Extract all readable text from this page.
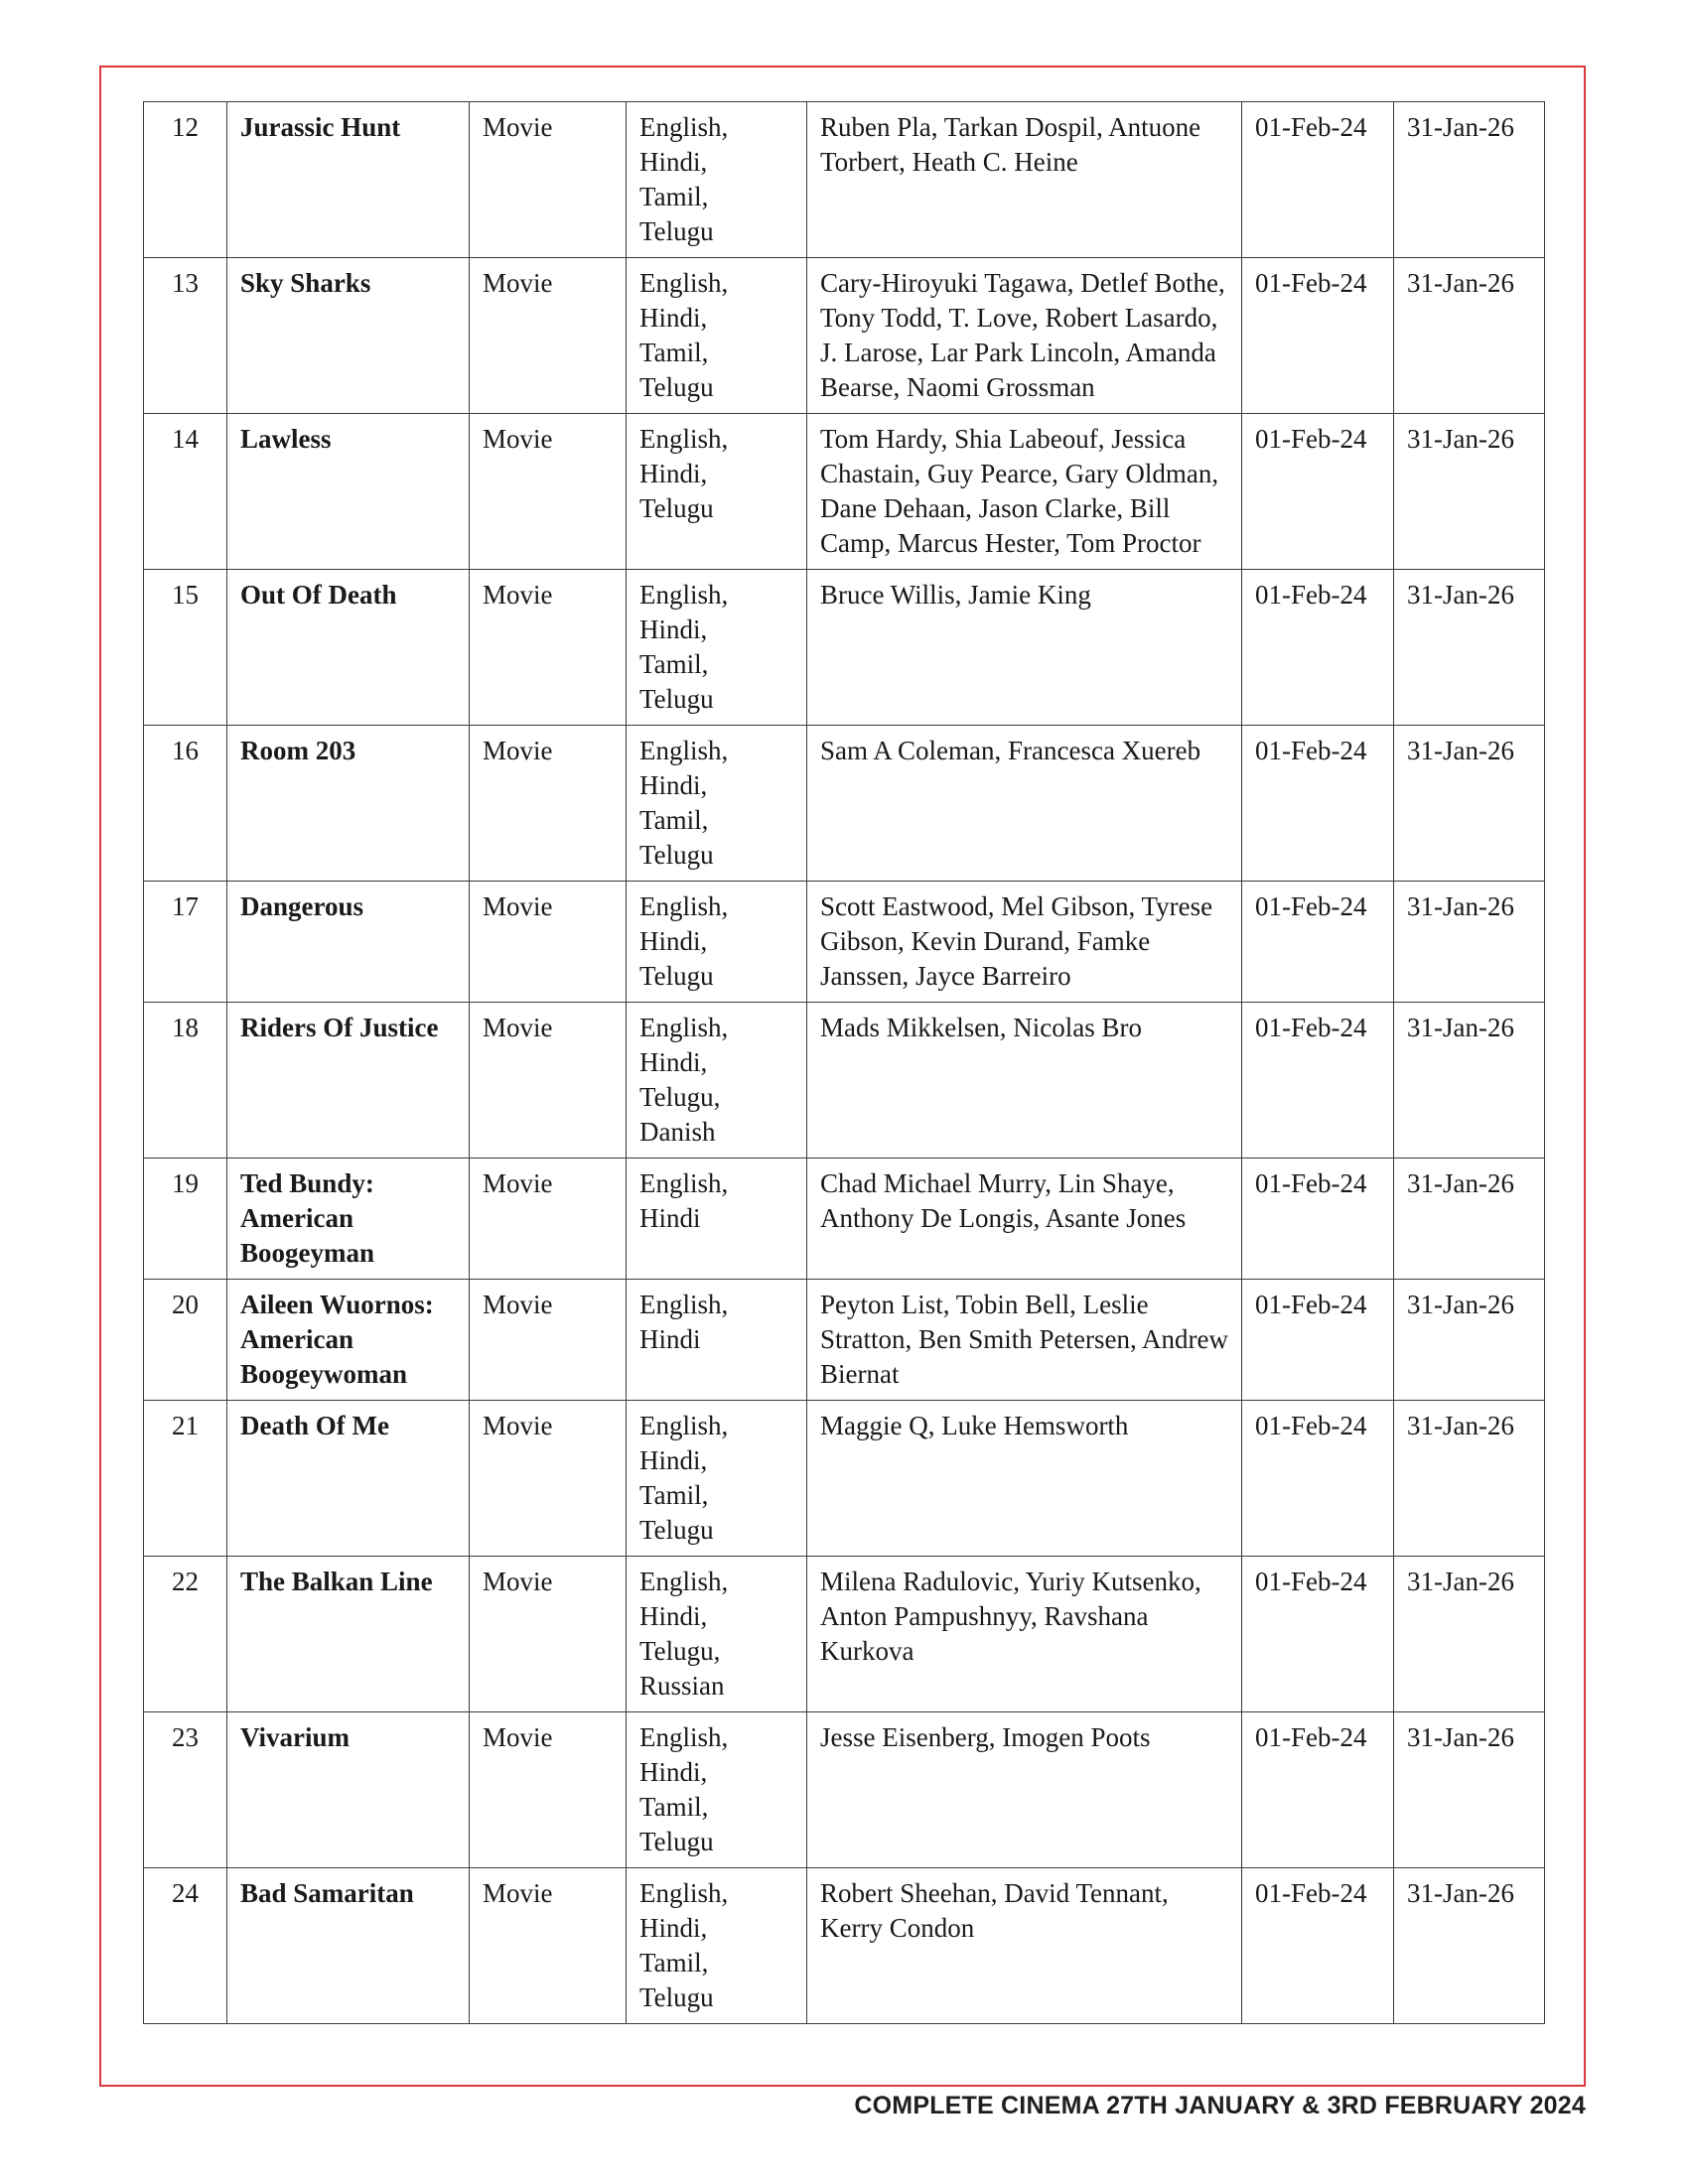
12	Jurassic Hunt	Movie	English,
Hindi,
Tamil,
Telugu	Ruben Pla, Tarkan Dospil, Antuone Torbert, Heath C. Heine	01-Feb-24	31-Jan-26
13	Sky Sharks	Movie	English,
Hindi,
Tamil,
Telugu	Cary-Hiroyuki Tagawa, Detlef Bothe, Tony Todd, T. Love, Robert Lasardo, J. Larose, Lar Park Lincoln, Amanda Bearse, Naomi Grossman	01-Feb-24	31-Jan-26
14	Lawless	Movie	English,
Hindi,
Telugu	Tom Hardy, Shia Labeouf, Jessica Chastain, Guy Pearce, Gary Oldman, Dane Dehaan, Jason Clarke, Bill Camp, Marcus Hester, Tom Proctor	01-Feb-24	31-Jan-26
15	Out Of Death	Movie	English,
Hindi,
Tamil,
Telugu	Bruce Willis, Jamie King	01-Feb-24	31-Jan-26
16	Room 203	Movie	English,
Hindi,
Tamil,
Telugu	Sam A Coleman, Francesca Xuereb	01-Feb-24	31-Jan-26
17	Dangerous	Movie	English,
Hindi,
Telugu	Scott Eastwood, Mel Gibson, Tyrese Gibson, Kevin Durand, Famke Janssen, Jayce Barreiro	01-Feb-24	31-Jan-26
18	Riders Of Justice	Movie	English,
Hindi,
Telugu,
Danish	Mads Mikkelsen, Nicolas Bro	01-Feb-24	31-Jan-26
19	Ted Bundy: American Boogeyman	Movie	English,
Hindi	Chad Michael Murry, Lin Shaye, Anthony De Longis, Asante Jones	01-Feb-24	31-Jan-26
20	Aileen Wuornos: American Boogeywoman	Movie	English,
Hindi	Peyton List, Tobin Bell, Leslie Stratton, Ben Smith Petersen, Andrew Biernat	01-Feb-24	31-Jan-26
21	Death Of Me	Movie	English,
Hindi,
Tamil,
Telugu	Maggie Q, Luke Hemsworth	01-Feb-24	31-Jan-26
22	The Balkan Line	Movie	English,
Hindi,
Telugu,
Russian	Milena Radulovic, Yuriy Kutsenko, Anton Pampushnyy, Ravshana Kurkova	01-Feb-24	31-Jan-26
23	Vivarium	Movie	English,
Hindi,
Tamil,
Telugu	Jesse Eisenberg, Imogen Poots	01-Feb-24	31-Jan-26
24	Bad Samaritan	Movie	English,
Hindi,
Tamil,
Telugu	Robert Sheehan, David Tennant, Kerry Condon	01-Feb-24	31-Jan-26
COMPLETE CINEMA 27TH JANUARY & 3RD FEBRUARY 2024
